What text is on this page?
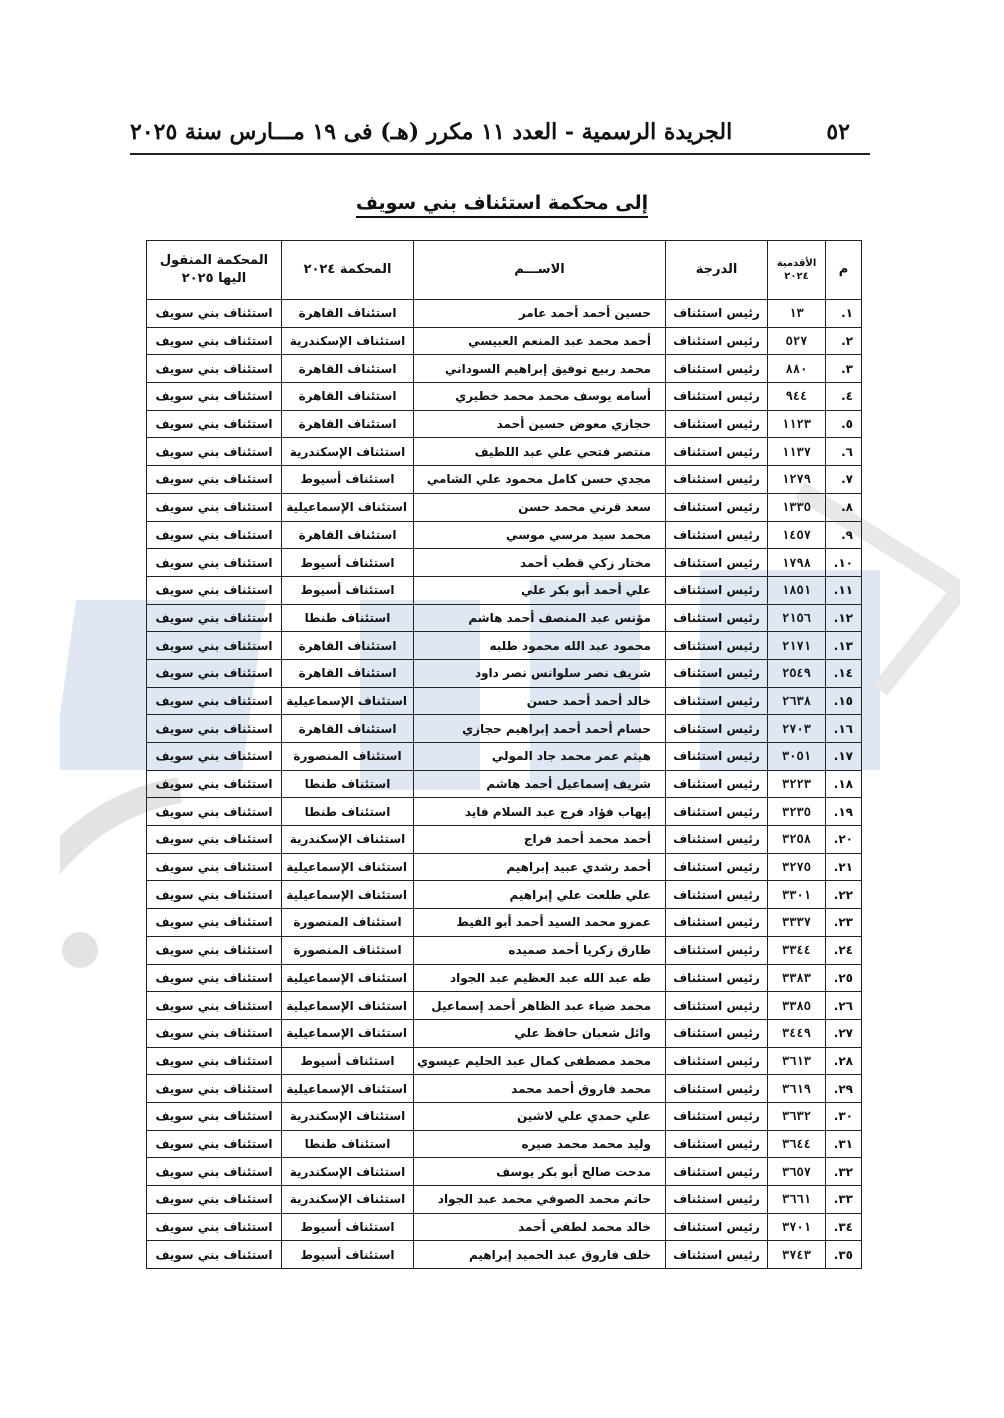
٥٢
الجريدة الرسمية - العدد ١١ مكرر (هـ) فى ١٩ مـــارس سنة ٢٠٢٥
إلى محكمة استئناف بني سويف
م	الأقدمية ٢٠٢٤	الدرجة	الاســـم	المحكمة ٢٠٢٤	المحكمة المنقول اليها ٢٠٢٥
١.	١٣	رئيس استئناف	حسين أحمد أحمد عامر	استئناف القاهرة	استئناف بني سويف
٢.	٥٢٧	رئيس استئناف	أحمد محمد عبد المنعم العبيسي	استئناف الإسكندرية	استئناف بني سويف
٣.	٨٨٠	رئيس استئناف	محمد ربيع توفيق إبراهيم السوداني	استئناف القاهرة	استئناف بني سويف
٤.	٩٤٤	رئيس استئناف	أسامه يوسف محمد محمد خطيري	استئناف القاهرة	استئناف بني سويف
٥.	١١٢٣	رئيس استئناف	حجازي معوض حسين أحمد	استئناف القاهرة	استئناف بني سويف
٦.	١١٣٧	رئيس استئناف	منتصر فتحي علي عبد اللطيف	استئناف الإسكندرية	استئناف بني سويف
٧.	١٢٧٩	رئيس استئناف	مجدي حسن كامل محمود علي الشامي	استئناف أسيوط	استئناف بني سويف
٨.	١٣٣٥	رئيس استئناف	سعد قرني محمد حسن	استئناف الإسماعيلية	استئناف بني سويف
٩.	١٤٥٧	رئيس استئناف	محمد سيد مرسي موسي	استئناف القاهرة	استئناف بني سويف
١٠.	١٧٩٨	رئيس استئناف	مختار زكي قطب أحمد	استئناف أسيوط	استئناف بني سويف
١١.	١٨٥١	رئيس استئناف	علي أحمد أبو بكر علي	استئناف أسيوط	استئناف بني سويف
١٢.	٢١٥٦	رئيس استئناف	مؤنس عبد المنصف أحمد هاشم	استئناف طنطا	استئناف بني سويف
١٣.	٢١٧١	رئيس استئناف	محمود عبد الله محمود طلبه	استئناف القاهرة	استئناف بني سويف
١٤.	٢٥٤٩	رئيس استئناف	شريف نصر سلوانس نصر داود	استئناف القاهرة	استئناف بني سويف
١٥.	٢٦٣٨	رئيس استئناف	خالد أحمد أحمد حسن	استئناف الإسماعيلية	استئناف بني سويف
١٦.	٢٧٠٣	رئيس استئناف	حسام أحمد أحمد إبراهيم حجازي	استئناف القاهرة	استئناف بني سويف
١٧.	٣٠٥١	رئيس استئناف	هيثم عمر محمد جاد المولي	استئناف المنصورة	استئناف بني سويف
١٨.	٣٢٢٣	رئيس استئناف	شريف إسماعيل أحمد هاشم	استئناف طنطا	استئناف بني سويف
١٩.	٣٢٣٥	رئيس استئناف	إيهاب فؤاد فرج عبد السلام فايد	استئناف طنطا	استئناف بني سويف
٢٠.	٣٢٥٨	رئيس استئناف	أحمد محمد أحمد فراج	استئناف الإسكندرية	استئناف بني سويف
٢١.	٣٢٧٥	رئيس استئناف	أحمد رشدي عبيد إبراهيم	استئناف الإسماعيلية	استئناف بني سويف
٢٢.	٣٣٠١	رئيس استئناف	علي طلعت علي إبراهيم	استئناف الإسماعيلية	استئناف بني سويف
٢٣.	٣٣٣٧	رئيس استئناف	عمرو محمد السيد أحمد أبو الفيط	استئناف المنصورة	استئناف بني سويف
٢٤.	٣٣٤٤	رئيس استئناف	طارق زكريا أحمد صميده	استئناف المنصورة	استئناف بني سويف
٢٥.	٣٣٨٣	رئيس استئناف	طه عبد الله عبد العظيم عبد الجواد	استئناف الإسماعيلية	استئناف بني سويف
٢٦.	٣٣٨٥	رئيس استئناف	محمد ضياء عبد الظاهر أحمد إسماعيل	استئناف الإسماعيلية	استئناف بني سويف
٢٧.	٣٤٤٩	رئيس استئناف	وائل شعبان حافظ علي	استئناف الإسماعيلية	استئناف بني سويف
٢٨.	٣٦١٣	رئيس استئناف	محمد مصطفى كمال عبد الحليم عيسوي	استئناف أسيوط	استئناف بني سويف
٢٩.	٣٦١٩	رئيس استئناف	محمد فاروق أحمد محمد	استئناف الإسماعيلية	استئناف بني سويف
٣٠.	٣٦٣٢	رئيس استئناف	علي حمدي علي لاشين	استئناف الإسكندرية	استئناف بني سويف
٣١.	٣٦٤٤	رئيس استئناف	وليد محمد محمد صيره	استئناف طنطا	استئناف بني سويف
٣٢.	٣٦٥٧	رئيس استئناف	مدحت صالح أبو بكر يوسف	استئناف الإسكندرية	استئناف بني سويف
٣٣.	٣٦٦١	رئيس استئناف	حاتم محمد الصوفي محمد عبد الجواد	استئناف الإسكندرية	استئناف بني سويف
٣٤.	٣٧٠١	رئيس استئناف	خالد محمد لطفي أحمد	استئناف أسيوط	استئناف بني سويف
٣٥.	٣٧٤٣	رئيس استئناف	خلف فاروق عبد الحميد إبراهيم	استئناف أسيوط	استئناف بني سويف
